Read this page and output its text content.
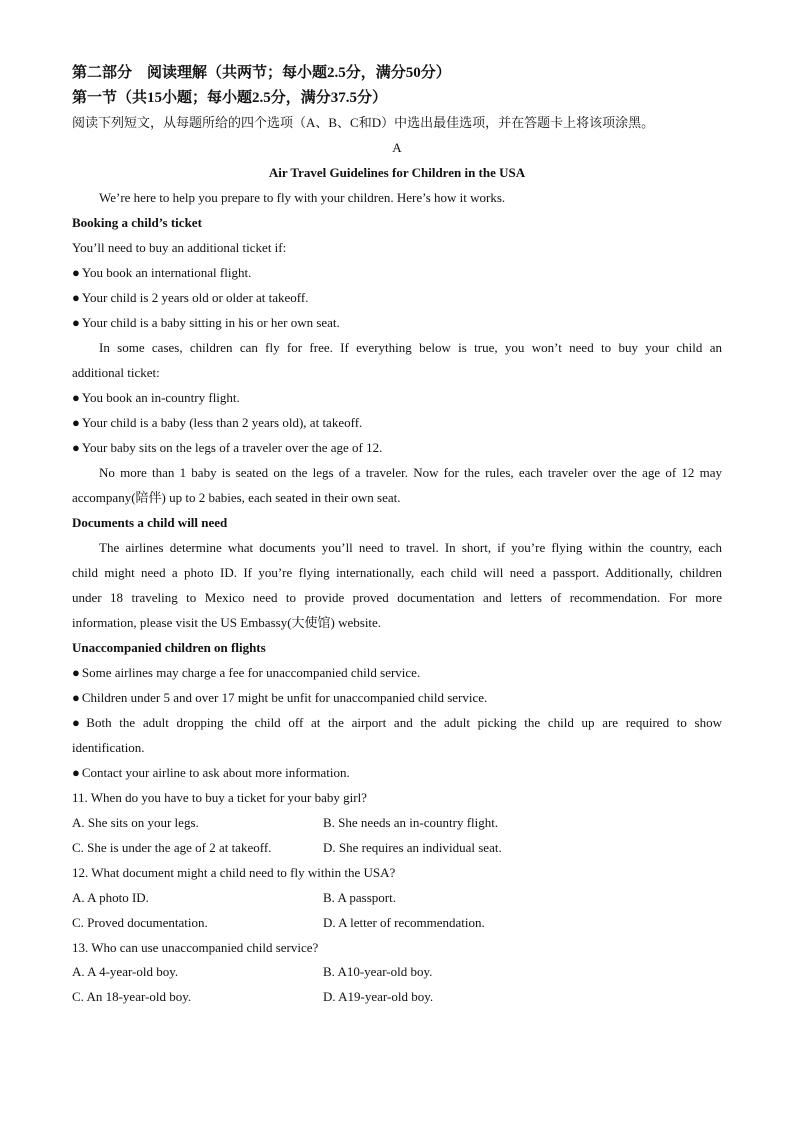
第二部分　阅读理解（共两节；每小题2.5分，满分50分）
第一节（共15小题；每小题2.5分，满分37.5分）
阅读下列短文，从每题所给的四个选项（A、B、C和D）中选出最佳选项，并在答题卡上将该项涂黑。
A
Air Travel Guidelines for Children in the USA
We’re here to help you prepare to fly with your children. Here’s how it works.
Booking a child’s ticket
You’ll need to buy an additional ticket if:
● You book an international flight.
● Your child is 2 years old or older at takeoff.
● Your child is a baby sitting in his or her own seat.
In some cases, children can fly for free. If everything below is true, you won’t need to buy your child an
additional ticket:
● You book an in-country flight.
● Your child is a baby (less than 2 years old), at takeoff.
● Your baby sits on the legs of a traveler over the age of 12.
No more than 1 baby is seated on the legs of a traveler. Now for the rules, each traveler over the age of 12 may
accompany(陪伴) up to 2 babies, each seated in their own seat.
Documents a child will need
The airlines determine what documents you’ll need to travel. In short, if you’re flying within the country, each
child might need a photo ID. If you’re flying internationally, each child will need a passport. Additionally, children
under 18 traveling to Mexico need to provide proved documentation and letters of recommendation. For more
information, please visit the US Embassy(大使馆) website.
Unaccompanied children on flights
● Some airlines may charge a fee for unaccompanied child service.
● Children under 5 and over 17 might be unfit for unaccompanied child service.
● Both the adult dropping the child off at the airport and the adult picking the child up are required to show
identification.
● Contact your airline to ask about more information.
11. When do you have to buy a ticket for your baby girl?
A. She sits on your legs.	B. She needs an in-country flight.
C. She is under the age of 2 at takeoff.	D. She requires an individual seat.
12. What document might a child need to fly within the USA?
A. A photo ID.	B. A passport.
C. Proved documentation.	D. A letter of recommendation.
13. Who can use unaccompanied child service?
A. A 4-year-old boy.	B. A10-year-old boy.
C. An 18-year-old boy.	D. A19-year-old boy.
